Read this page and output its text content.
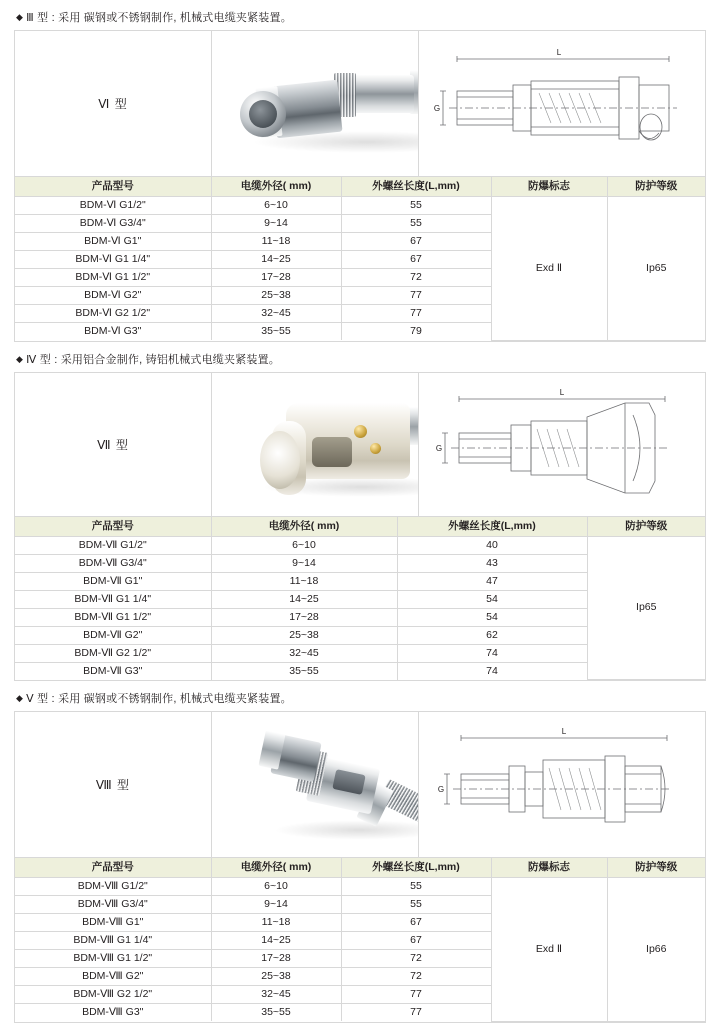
◆ Ⅲ 型 : 采用 碳钢或不锈钢制作, 机械式电缆夹紧装置。
Ⅵ 型
L
G
产品型号	电缆外径( mm)	外螺丝长度(L,mm)	防爆标志	防护等级
BDM-Ⅵ G1/2"	6~10	55	Exd Ⅱ	Ip65
BDM-Ⅵ G3/4"	9~14	55		
BDM-Ⅵ G1"	11~18	67		
BDM-Ⅵ G1 1/4"	14~25	67		
BDM-Ⅵ G1 1/2"	17~28	72		
BDM-Ⅵ G2"	25~38	77		
BDM-Ⅵ G2 1/2"	32~45	77		
BDM-Ⅵ G3"	35~55	79		
◆ Ⅳ 型 : 采用铝合金制作, 铸铝机械式电缆夹紧装置。
Ⅶ 型
L
G
产品型号	电缆外径( mm)	外螺丝长度(L,mm)	防护等级
BDM-Ⅶ G1/2"	6~10	40	Ip65
BDM-Ⅶ G3/4"	9~14	43	
BDM-Ⅶ G1"	11~18	47	
BDM-Ⅶ G1 1/4"	14~25	54	
BDM-Ⅶ G1 1/2"	17~28	54	
BDM-Ⅶ G2"	25~38	62	
BDM-Ⅶ G2 1/2"	32~45	74	
BDM-Ⅶ G3"	35~55	74	
◆ Ⅴ 型 : 采用 碳钢或不锈钢制作, 机械式电缆夹紧装置。
Ⅷ 型
L
G
产品型号	电缆外径( mm)	外螺丝长度(L,mm)	防爆标志	防护等级
BDM-Ⅷ G1/2"	6~10	55	Exd Ⅱ	Ip66
BDM-Ⅷ G3/4"	9~14	55		
BDM-Ⅷ G1"	11~18	67		
BDM-Ⅷ G1 1/4"	14~25	67		
BDM-Ⅷ G1 1/2"	17~28	72		
BDM-Ⅷ G2"	25~38	72		
BDM-Ⅷ G2 1/2"	32~45	77		
BDM-Ⅷ G3"	35~55	77		
